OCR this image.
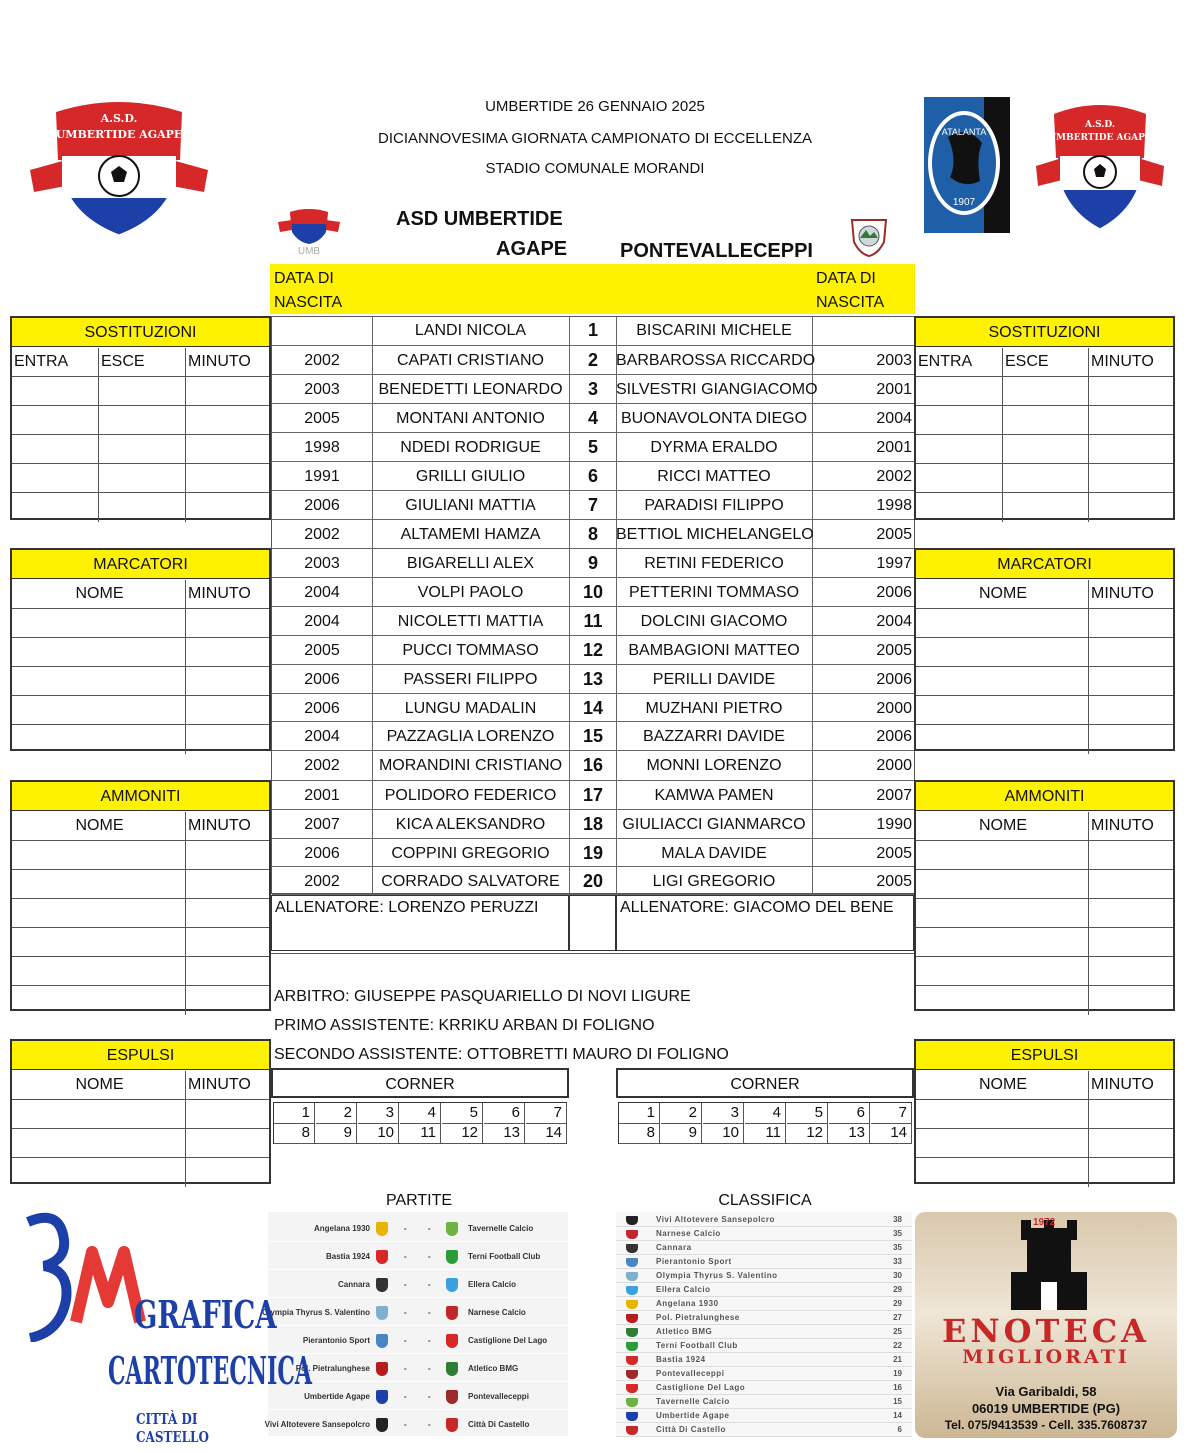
UMBERTIDE 26 GENNAIO 2025
DICIANNOVESIMA GIORNATA CAMPIONATO DI ECCELLENZA
STADIO COMUNALE MORANDI
A.S.D.
UMBERTIDE AGAPE	ATALANTA
1907
A.S.D.
UMBERTIDE AGAPE
UMB
ASD UMBERTIDE
AGAPE	PONTEVALLECEPPI
DATA DI
NASCITA
DATA DI
NASCITA
LANDI NICOLA	1	BISCARINI MICHELE
2002	CAPATI CRISTIANO	2	BARBAROSSA RICCARDO	2003
2003	BENEDETTI LEONARDO	3	SILVESTRI GIANGIACOMO	2001
2005	MONTANI ANTONIO	4	BUONAVOLONTA DIEGO	2004
1998	NDEDI RODRIGUE	5	DYRMA ERALDO	2001
1991	GRILLI GIULIO	6	RICCI MATTEO	2002
2006	GIULIANI MATTIA	7	PARADISI FILIPPO	1998
2002	ALTAMEMI HAMZA	8	BETTIOL MICHELANGELO	2005
2003	BIGARELLI ALEX	9	RETINI FEDERICO	1997
2004	VOLPI PAOLO	10	PETTERINI TOMMASO	2006
2004	NICOLETTI MATTIA	11	DOLCINI GIACOMO	2004
2005	PUCCI TOMMASO	12	BAMBAGIONI MATTEO	2005
2006	PASSERI FILIPPO	13	PERILLI DAVIDE	2006
2006	LUNGU MADALIN	14	MUZHANI PIETRO	2000
2004	PAZZAGLIA LORENZO	15	BAZZARRI DAVIDE	2006
2002	MORANDINI CRISTIANO	16	MONNI LORENZO	2000
2001	POLIDORO FEDERICO	17	KAMWA PAMEN	2007
2007	KICA ALEKSANDRO	18	GIULIACCI GIANMARCO	1990
2006	COPPINI GREGORIO	19	MALA DAVIDE	2005
2002	CORRADO SALVATORE	20	LIGI GREGORIO	2005
ALLENATORE: LORENZO PERUZZI	ALLENATORE: GIACOMO DEL BENE
ARBITRO: GIUSEPPE PASQUARIELLO DI NOVI LIGURE
PRIMO ASSISTENTE: KRRIKU ARBAN DI FOLIGNO
SECONDO ASSISTENTE: OTTOBRETTI MAURO DI FOLIGNO
CORNER	CORNER
1	2	3	4	5	6	7
8	9	10	11	12	13	14
1	2	3	4	5	6	7
8	9	10	11	12	13	14
SOSTITUZIONI
ENTRA	ESCE	MINUTO
MARCATORI
NOME	MINUTO
AMMONITI
NOME	MINUTO
ESPULSI
NOME	MINUTO
SOSTITUZIONI
ENTRA	ESCE	MINUTO
MARCATORI
NOME	MINUTO
AMMONITI
NOME	MINUTO
ESPULSI
NOME	MINUTO
PARTITE	CLASSIFICA
Angelana 1930	-	-	Tavernelle Calcio
Bastia 1924	-	-	Terni Football Club
Cannara	-	-	Ellera Calcio
Olympia Thyrus S. Valentino	-	-	Narnese Calcio
Pierantonio Sport	-	-	Castiglione Del Lago
Pol. Pietralunghese	-	-	Atletico BMG
Umbertide Agape	-	-	Pontevalleceppi
Vivi Altotevere Sansepolcro	-	-	Città Di Castello
Vivi Altotevere Sansepolcro	38
Narnese Calcio	35
Cannara	35
Pierantonio Sport	33
Olympia Thyrus S. Valentino	30
Ellera Calcio	29
Angelana 1930	29
Pol. Pietralunghese	27
Atletico BMG	25
Terni Football Club	22
Bastia 1924	21
Pontevalleceppi	19
Castiglione Del Lago	16
Tavernelle Calcio	15
Umbertide Agape	14
Città Di Castello	6
GRAFICA
CARTOTECNICA
CITTÀ DI CASTELLO
1972
ENOTECA
MIGLIORATI
Via Garibaldi, 58
06019 UMBERTIDE (PG)
Tel. 075/9413539 - Cell. 335.7608737
